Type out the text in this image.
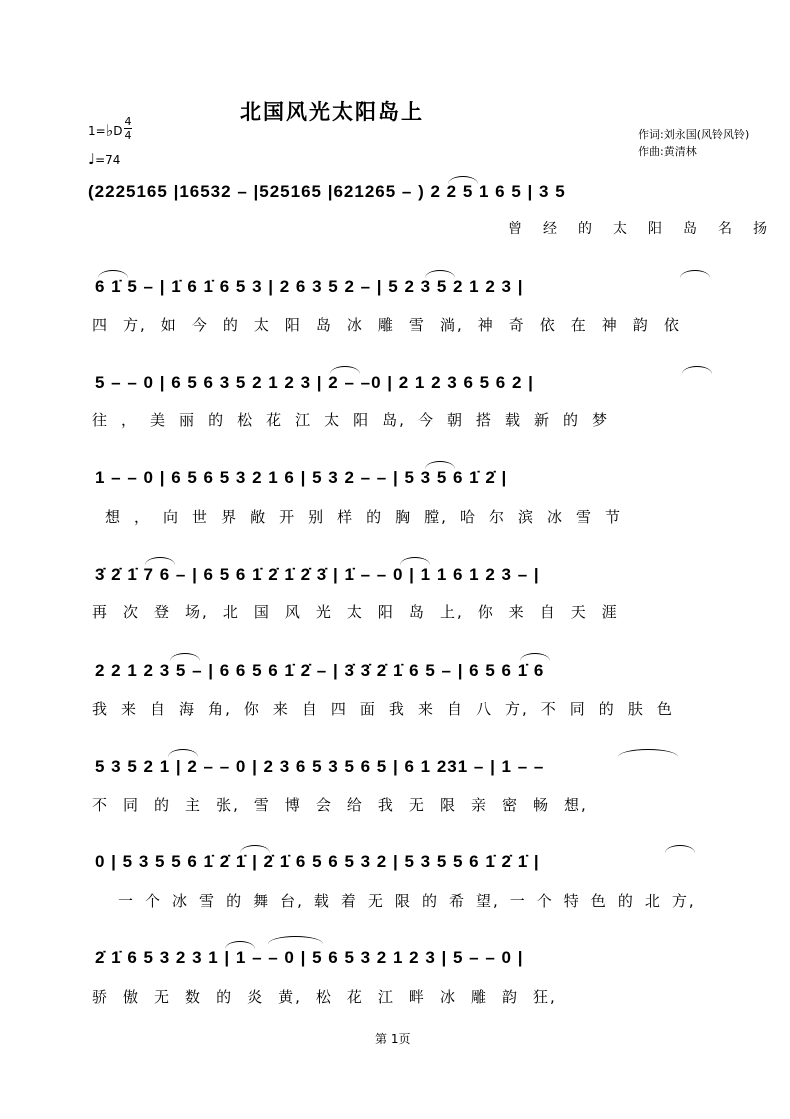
北国风光太阳岛上
1=♭D
4
4
♩=74
作词:刘永国(风铃风铃)
作曲:黄清林
(2225165 |16532 – |525165 |621265 – ) 2 2 5 1 6 5 | 3 5
曾 经 的 太 阳 岛 名 扬
6 1̇ 5 – | 1̇ 6 1̇ 6 5 3 | 2 6 3 5 2 – | 5 2 3 5 2 1 2 3 |
四 方, 如 今 的 太 阳 岛 冰 雕 雪 淌, 神 奇 依 在 神 韵 依
5 – – 0 | 6 5 6 3 5 2 1 2 3 | 2 – –0 | 2 1 2 3 6 5 6 2 |
往 ， 美 丽 的 松 花 江 太 阳 岛, 今 朝 搭 载 新 的 梦
1 – – 0 | 6 5 6 5 3 2 1 6 | 5 3 2 – – | 5 3 5 6 1̇ 2̇ |
想 ， 向 世 界 敞 开 别 样 的 胸 膛, 哈 尔 滨 冰 雪 节
3̇ 2̇ 1̇ 7 6 – | 6 5 6 1̇ 2̇ 1̇ 2̇ 3̇ | 1̇ – – 0 | 1 1 6 1 2 3 – |
再 次 登 场, 北 国 风 光 太 阳 岛 上, 你 来 自 天 涯
2 2 1 2 3 5 – | 6 6 5 6 1̇ 2̇ – | 3̇ 3̇ 2̇ 1̇ 6 5 – | 6 5 6 1̇ 6
我 来 自 海 角, 你 来 自 四 面 我 来 自 八 方, 不 同 的 肤 色
5 3 5 2 1 | 2 – – 0 | 2 3 6 5 3 5 6 5 | 6 1 231 – | 1 – –
不 同 的 主 张, 雪 博 会 给 我 无 限 亲 密 畅 想,
0 | 5 3 5 5 6 1̇ 2̇ 1̇ | 2̇ 1̇ 6 5 6 5 3 2 | 5 3 5 5 6 1̇ 2̇ 1̇ |
一 个 冰 雪 的 舞 台, 载 着 无 限 的 希 望, 一 个 特 色 的 北 方,
2̇ 1̇ 6 5 3 2 3 1 | 1 – – 0 | 5 6 5 3 2 1 2 3 | 5 – – 0 |
骄 傲 无 数 的 炎 黄, 松 花 江 畔 冰 雕 韵 狂,
第 1页
